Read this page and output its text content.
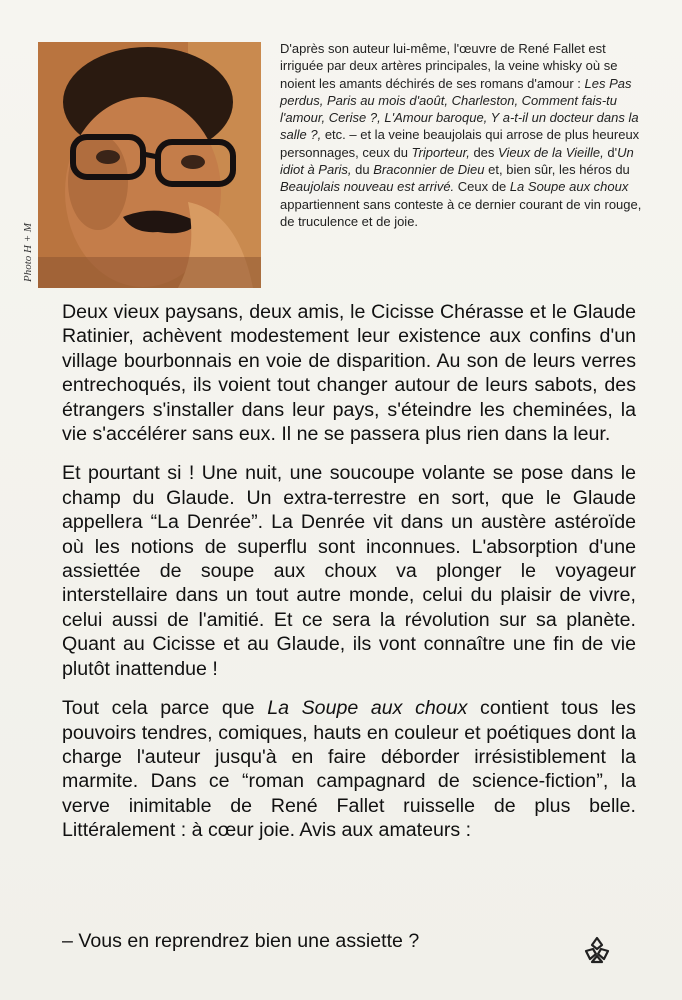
Photo H + M
D'après son auteur lui-même, l'œuvre de René Fallet est irriguée par deux artères principales, la veine whisky où se noient les amants déchirés de ses romans d'amour : Les Pas perdus, Paris au mois d'août, Charleston, Comment fais-tu l'amour, Cerise ?, L'Amour baroque, Y a-t-il un docteur dans la salle ?, etc. – et la veine beaujolais qui arrose de plus heureux personnages, ceux du Triporteur, des Vieux de la Vieille, d'Un idiot à Paris, du Braconnier de Dieu et, bien sûr, les héros du Beaujolais nouveau est arrivé. Ceux de La Soupe aux choux appartiennent sans conteste à ce dernier courant de vin rouge, de truculence et de joie.

Deux vieux paysans, deux amis, le Cicisse Chérasse et le Glaude Ratinier, achèvent modestement leur existence aux confins d'un village bourbonnais en voie de disparition. Au son de leurs verres entrechoqués, ils voient tout changer autour de leurs sabots, des étrangers s'installer dans leur pays, s'éteindre les cheminées, la vie s'accélérer sans eux. Il ne se passera plus rien dans la leur.

Et pourtant si ! Une nuit, une soucoupe volante se pose dans le champ du Glaude. Un extra-terrestre en sort, que le Glaude appellera “La Denrée”. La Denrée vit dans un austère astéroïde où les notions de superflu sont inconnues. L'absorption d'une assiettée de soupe aux choux va plonger le voyageur interstellaire dans un tout autre monde, celui du plaisir de vivre, celui aussi de l'amitié. Et ce sera la révolution sur sa planète. Quant au Cicisse et au Glaude, ils vont connaître une fin de vie plutôt inattendue !

Tout cela parce que La Soupe aux choux contient tous les pouvoirs tendres, comiques, hauts en couleur et poétiques dont la charge l'auteur jusqu'à en faire déborder irrésistiblement la marmite. Dans ce “roman campagnard de science-fiction”, la verve inimitable de René Fallet ruisselle de plus belle. Littéralement : à cœur joie. Avis aux amateurs :

– Vous en reprendrez bien une assiette ?
